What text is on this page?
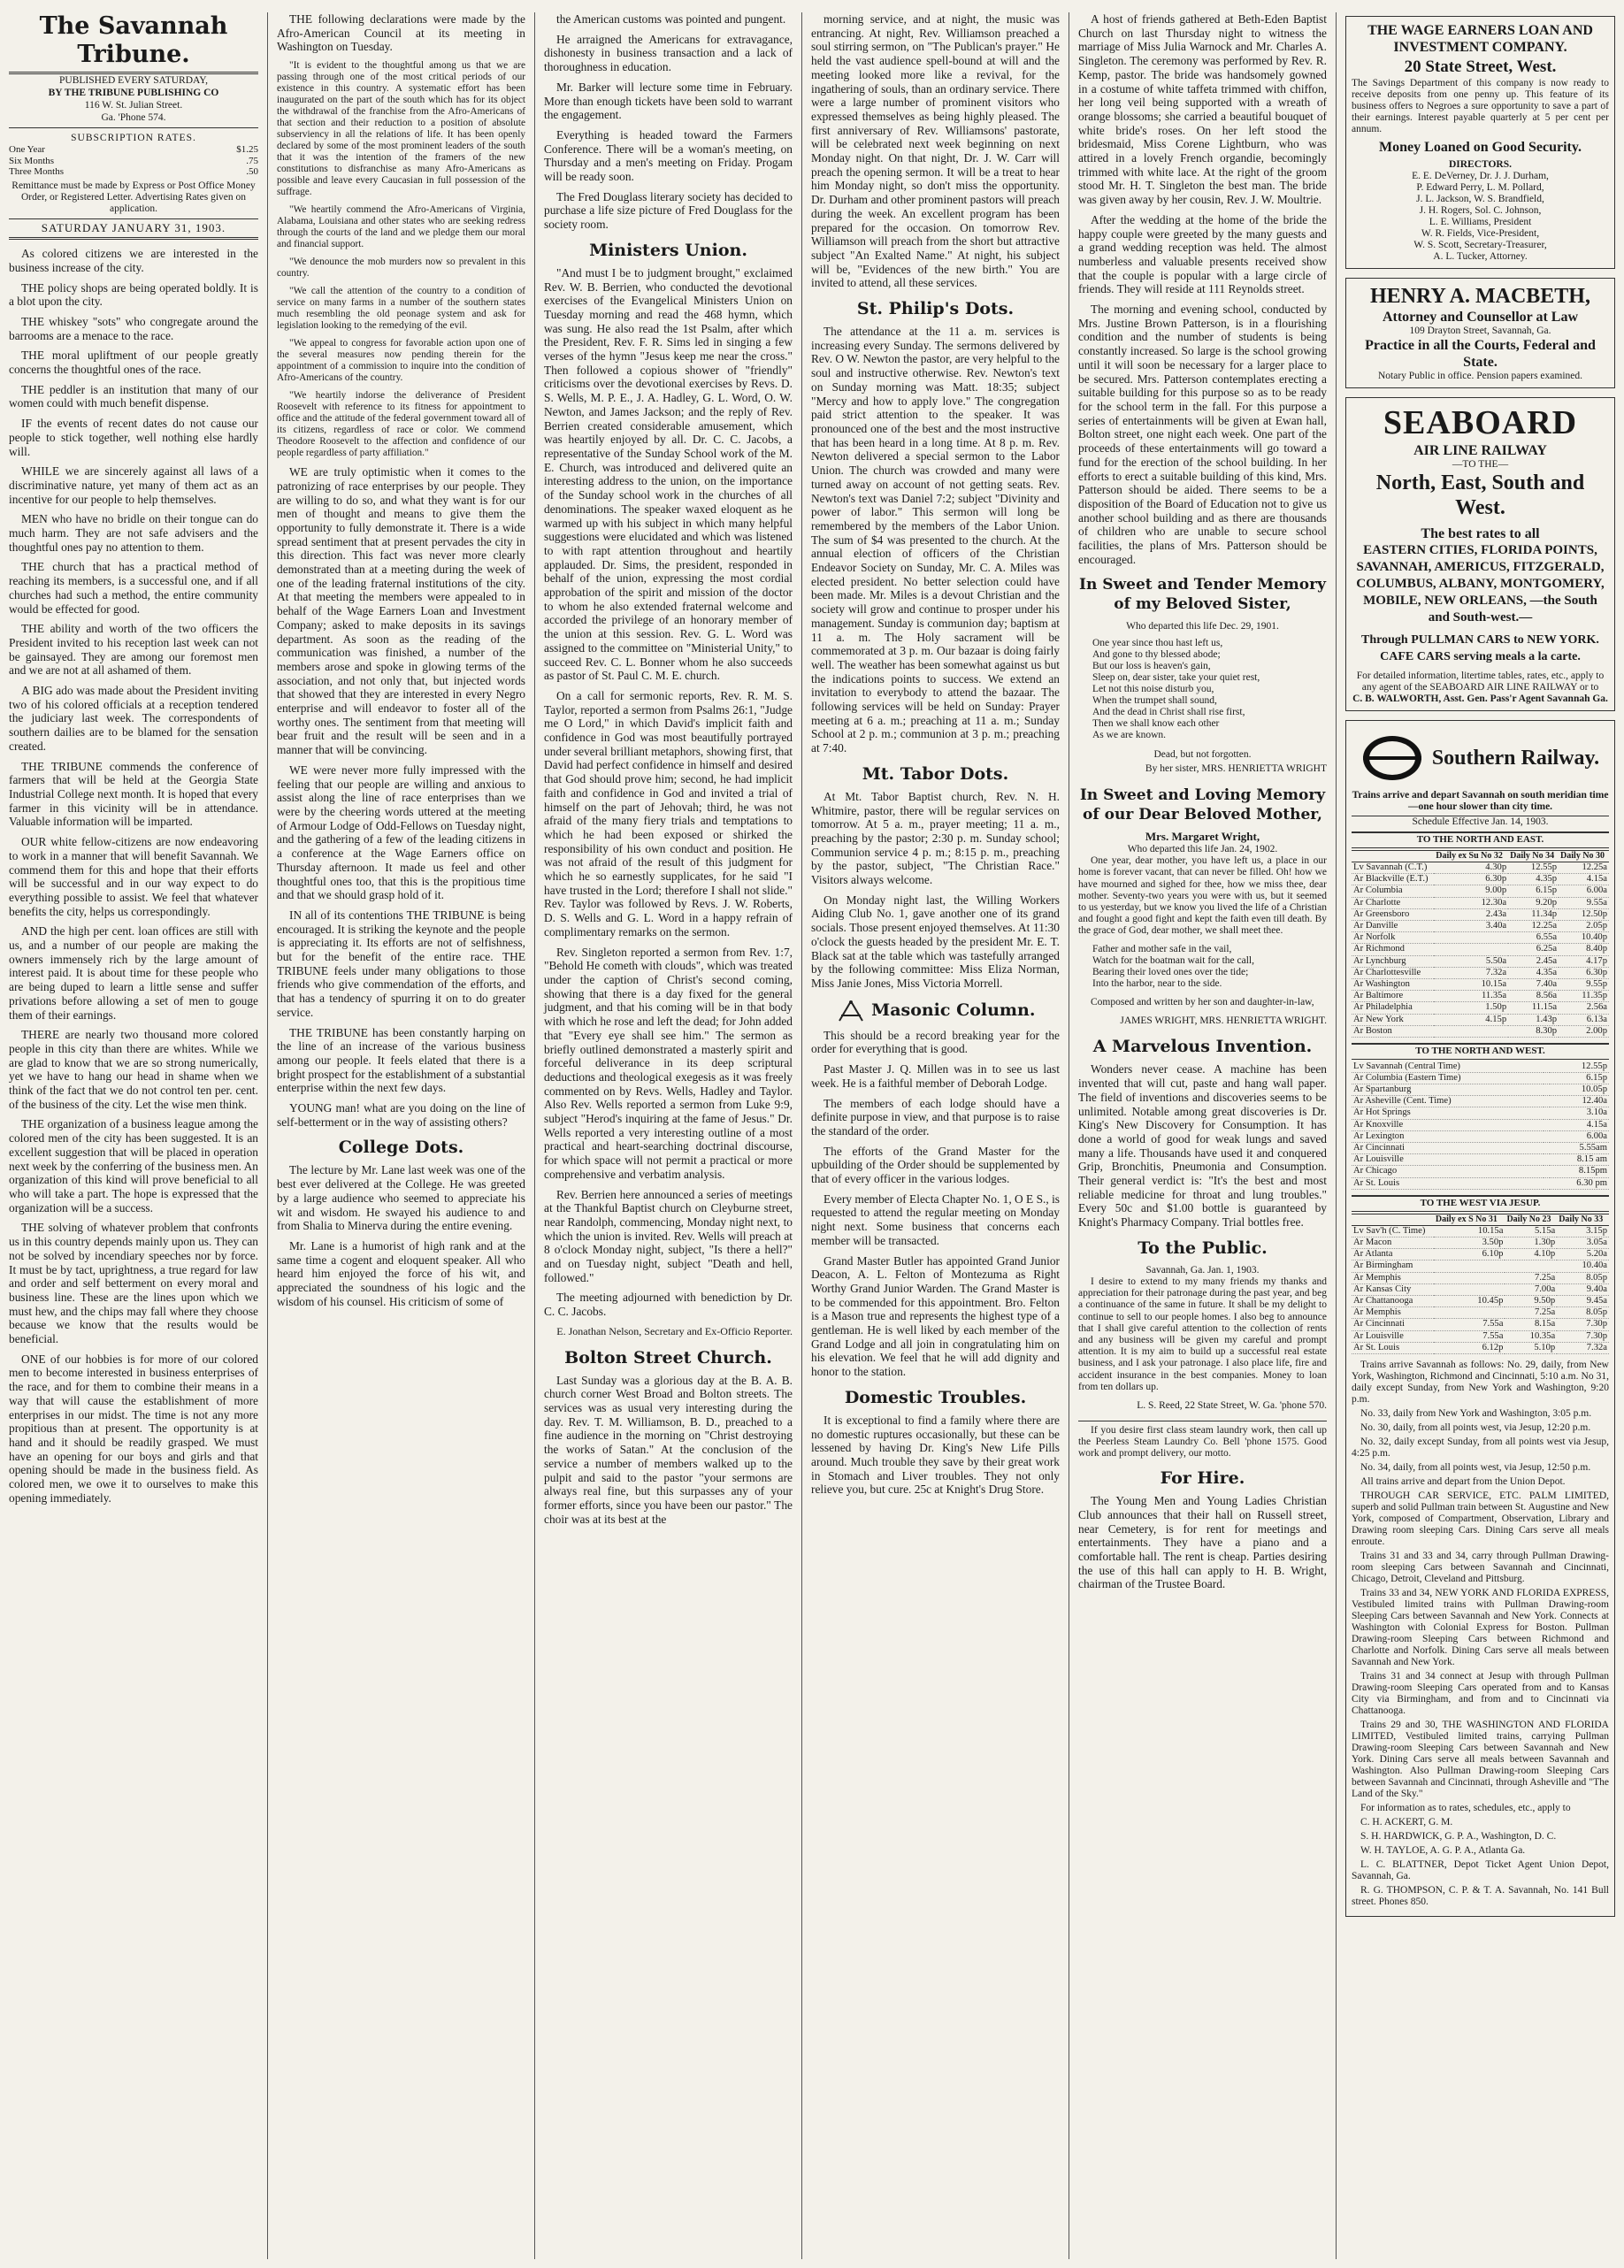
The Savannah Tribune.

PUBLISHED EVERY SATURDAY,

BY THE TRIBUNE PUBLISHING CO

116 W. St. Julian Street.

Ga. 'Phone 574.

SUBSCRIPTION RATES.

One Year	$1.25
Six Months	.75
Three Months	.50

Remittance must be made by Express or Post Office Money Order, or Registered Letter. Advertising Rates given on application.

SATURDAY JANUARY 31, 1903.

As colored citizens we are interested in the business increase of the city.

THE policy shops are being operated boldly. It is a blot upon the city.

THE whiskey "sots" who congregate around the barrooms are a menace to the race.

THE moral upliftment of our people greatly concerns the thoughtful ones of the race.

THE peddler is an institution that many of our women could with much benefit dispense.

IF the events of recent dates do not cause our people to stick together, well nothing else hardly will.

WHILE we are sincerely against all laws of a discriminative nature, yet many of them act as an incentive for our people to help themselves.

MEN who have no bridle on their tongue can do much harm. They are not safe advisers and the thoughtful ones pay no attention to them.

THE church that has a practical method of reaching its members, is a successful one, and if all churches had such a method, the entire community would be effected for good.

THE ability and worth of the two officers the President invited to his reception last week can not be gainsayed. They are among our foremost men and we are not at all ashamed of them.

A BIG ado was made about the President inviting two of his colored officials at a reception tendered the judiciary last week. The correspondents of southern dailies are to be blamed for the sensation created.

THE TRIBUNE commends the conference of farmers that will be held at the Georgia State Industrial College next month. It is hoped that every farmer in this vicinity will be in attendance. Valuable information will be imparted.

OUR white fellow-citizens are now endeavoring to work in a manner that will benefit Savannah. We commend them for this and hope that their efforts will be successful and in our way expect to do everything possible to assist. We feel that whatever benefits the city, helps us correspondingly.

AND the high per cent. loan offices are still with us, and a number of our people are making the owners immensely rich by the large amount of interest paid. It is about time for these people who are being duped to learn a little sense and suffer privations before allowing a set of men to gouge them of their earnings.

THERE are nearly two thousand more colored people in this city than there are whites. While we are glad to know that we are so strong numerically, yet we have to hang our head in shame when we think of the fact that we do not control ten per. cent. of the business of the city. Let the wise men think.

THE organization of a business league among the colored men of the city has been suggested. It is an excellent suggestion that will be placed in operation next week by the conferring of the business men. An organization of this kind will prove beneficial to all who will take a part. The hope is expressed that the organization will be a success.

THE solving of whatever problem that confronts us in this country depends mainly upon us. They can not be solved by incendiary speeches nor by force. It must be by tact, uprightness, a true regard for law and order and self betterment on every moral and business line. These are the lines upon which we must hew, and the chips may fall where they choose because we know that the results would be beneficial.

ONE of our hobbies is for more of our colored men to become interested in business enterprises of the race, and for them to combine their means in a way that will cause the establishment of more enterprises in our midst. The time is not any more propitious than at present. The opportunity is at hand and it should be readily grasped. We must have an opening for our boys and girls and that opening should be made in the business field. As colored men, we owe it to ourselves to make this opening immediately.

THE following declarations were made by the Afro-American Council at its meeting in Washington on Tuesday.

"It is evident to the thoughtful among us that we are passing through one of the most critical periods of our existence in this country. A systematic effort has been inaugurated on the part of the south which has for its object the withdrawal of the franchise from the Afro-Americans of that section and their reduction to a position of absolute subserviency in all the relations of life. It has been openly declared by some of the most prominent leaders of the south that it was the intention of the framers of the new constitutions to disfranchise as many Afro-Americans as possible and leave every Caucasian in full possession of the suffrage.

"We heartily commend the Afro-Americans of Virginia, Alabama, Louisiana and other states who are seeking redress through the courts of the land and we pledge them our moral and financial support.

"We denounce the mob murders now so prevalent in this country.

"We call the attention of the country to a condition of service on many farms in a number of the southern states much resembling the old peonage system and ask for legislation looking to the remedying of the evil.

"We appeal to congress for favorable action upon one of the several measures now pending therein for the appointment of a commission to inquire into the condition of Afro-Americans of the country.

"We heartily indorse the deliverance of President Roosevelt with reference to its fitness for appointment to office and the attitude of the federal government toward all of its citizens, regardless of race or color. We commend Theodore Roosevelt to the affection and confidence of our people regardless of party affiliation."

WE are truly optimistic when it comes to the patronizing of race enterprises by our people. They are willing to do so, and what they want is for our men of thought and means to give them the opportunity to fully demonstrate it. There is a wide spread sentiment that at present pervades the city in this direction. This fact was never more clearly demonstrated than at a meeting during the week of one of the leading fraternal institutions of the city. At that meeting the members were appealed to in behalf of the Wage Earners Loan and Investment Company; asked to make deposits in its savings department. As soon as the reading of the communication was finished, a number of the members arose and spoke in glowing terms of the association, and not only that, but injected words that showed that they are interested in every Negro enterprise and will endeavor to foster all of the worthy ones. The sentiment from that meeting will bear fruit and the result will be seen and in a manner that will be convincing.

WE were never more fully impressed with the feeling that our people are willing and anxious to assist along the line of race enterprises than we were by the cheering words uttered at the meeting of Armour Lodge of Odd-Fellows on Tuesday night, and the gathering of a few of the leading citizens in a conference at the Wage Earners office on Thursday afternoon. It made us feel and other thoughtful ones too, that this is the propitious time and that we should grasp hold of it.

IN all of its contentions THE TRIBUNE is being encouraged. It is striking the keynote and the people is appreciating it. Its efforts are not of selfishness, but for the benefit of the entire race. THE TRIBUNE feels under many obligations to those friends who give commendation of the efforts, and that has a tendency of spurring it on to do greater service.

THE TRIBUNE has been constantly harping on the line of an increase of the various business among our people. It feels elated that there is a bright prospect for the establishment of a substantial enterprise within the next few days.

YOUNG man! what are you doing on the line of self-betterment or in the way of assisting others?

College Dots.

The lecture by Mr. Lane last week was one of the best ever delivered at the College. He was greeted by a large audience who seemed to appreciate his wit and wisdom. He swayed his audience to and from Shalia to Minerva during the entire evening.

Mr. Lane is a humorist of high rank and at the same time a cogent and eloquent speaker. All who heard him enjoyed the force of his wit, and appreciated the soundness of his logic and the wisdom of his counsel. His criticism of some of

the American customs was pointed and pungent.

He arraigned the Americans for extravagance, dishonesty in business transaction and a lack of thoroughness in education.

Mr. Barker will lecture some time in February. More than enough tickets have been sold to warrant the engagement.

Everything is headed toward the Farmers Conference. There will be a woman's meeting, on Thursday and a men's meeting on Friday. Progam will be ready soon.

The Fred Douglass literary society has decided to purchase a life size picture of Fred Douglass for the society room.

Ministers Union.

"And must I be to judgment brought," exclaimed Rev. W. B. Berrien, who conducted the devotional exercises of the Evangelical Ministers Union on Tuesday morning and read the 468 hymn, which was sung. He also read the 1st Psalm, after which the President, Rev. F. R. Sims led in singing a few verses of the hymn "Jesus keep me near the cross." Then followed a copious shower of "friendly" criticisms over the devotional exercises by Revs. D. S. Wells, M. P. E., J. A. Hadley, G. L. Word, O. W. Newton, and James Jackson; and the reply of Rev. Berrien created considerable amusement, which was heartily enjoyed by all. Dr. C. C. Jacobs, a representative of the Sunday School work of the M. E. Church, was introduced and delivered quite an interesting address to the union, on the importance of the Sunday school work in the churches of all denominations. The speaker waxed eloquent as he warmed up with his subject in which many helpful suggestions were elucidated and which was listened to with rapt attention throughout and heartily applauded. Dr. Sims, the president, responded in behalf of the union, expressing the most cordial approbation of the spirit and mission of the doctor to whom he also extended fraternal welcome and accorded the privilege of an honorary member of the union at this session. Rev. G. L. Word was assigned to the committee on "Ministerial Unity," to succeed Rev. C. L. Bonner whom he also succeeds as pastor of St. Paul C. M. E. church.

On a call for sermonic reports, Rev. R. M. S. Taylor, reported a sermon from Psalms 26:1, "Judge me O Lord," in which David's implicit faith and confidence in God was most beautifully portrayed under several brilliant metaphors, showing first, that David had perfect confidence in himself and desired that God should prove him; second, he had implicit faith and confidence in God and invited a trial of himself on the part of Jehovah; third, he was not afraid of the many fiery trials and temptations to which he had been exposed or shirked the responsibility of his own conduct and position. He was not afraid of the result of this judgment for which he so earnestly supplicates, for he said "I have trusted in the Lord; therefore I shall not slide." Rev. Taylor was followed by Revs. J. W. Roberts, D. S. Wells and G. L. Word in a happy refrain of complimentary remarks on the sermon.

Rev. Singleton reported a sermon from Rev. 1:7, "Behold He cometh with clouds", which was treated under the caption of Christ's second coming, showing that there is a day fixed for the general judgment, and that his coming will be in that body with which he rose and left the dead; for John added that "Every eye shall see him." The sermon as briefly outlined demonstrated a masterly spirit and forceful deliverance in its deep scriptural deductions and theological exegesis as it was freely commented on by Revs. Wells, Hadley and Taylor. Also Rev. Wells reported a sermon from Luke 9:9, subject "Herod's inquiring at the fame of Jesus." Dr. Wells reported a very interesting outline of a most practical and heart-searching doctrinal discourse, for which space will not permit a practical or more comprehensive and verbatim analysis.

Rev. Berrien here announced a series of meetings at the Thankful Baptist church on Cleyburne street, near Randolph, commencing, Monday night next, to which the union is invited. Rev. Wells will preach at 8 o'clock Monday night, subject, "Is there a hell?" and on Tuesday night, subject "Death and hell, followed."

The meeting adjourned with benediction by Dr. C. C. Jacobs.

E. Jonathan Nelson, Secretary and Ex-Officio Reporter.

Bolton Street Church.

Last Sunday was a glorious day at the B. A. B. church corner West Broad and Bolton streets. The services was as usual very interesting during the day. Rev. T. M. Williamson, B. D., preached to a fine audience in the morning on "Christ destroying the works of Satan." At the conclusion of the service a number of members walked up to the pulpit and said to the pastor "your sermons are always real fine, but this surpasses any of your former efforts, since you have been our pastor." The choir was at its best at the

morning service, and at night, the music was entrancing. At night, Rev. Williamson preached a soul stirring sermon, on "The Publican's prayer." He held the vast audience spell-bound at will and the meeting looked more like a revival, for the ingathering of souls, than an ordinary service. There were a large number of prominent visitors who expressed themselves as being highly pleased. The first anniversary of Rev. Williamsons' pastorate, will be celebrated next week beginning on next Monday night. On that night, Dr. J. W. Carr will preach the opening sermon. It will be a treat to hear him Monday night, so don't miss the opportunity. Dr. Durham and other prominent pastors will preach during the week. An excellent program has been prepared for the occasion. On tomorrow Rev. Williamson will preach from the short but attractive subject "An Exalted Name." At night, his subject will be, "Evidences of the new birth." You are invited to attend, all these services.

St. Philip's Dots.

The attendance at the 11 a. m. services is increasing every Sunday. The sermons delivered by Rev. O W. Newton the pastor, are very helpful to the soul and instructive otherwise. Rev. Newton's text on Sunday morning was Matt. 18:35; subject "Mercy and how to apply love." The congregation paid strict attention to the speaker. It was pronounced one of the best and the most instructive that has been heard in a long time. At 8 p. m. Rev. Newton delivered a special sermon to the Labor Union. The church was crowded and many were turned away on account of not getting seats. Rev. Newton's text was Daniel 7:2; subject "Divinity and power of labor." This sermon will long be remembered by the members of the Labor Union. The sum of $4 was presented to the church. At the annual election of officers of the Christian Endeavor Society on Sunday, Mr. C. A. Miles was elected president. No better selection could have been made. Mr. Miles is a devout Christian and the society will grow and continue to prosper under his management. Sunday is communion day; baptism at 11 a. m. The Holy sacrament will be commemorated at 3 p. m. Our bazaar is doing fairly well. The weather has been somewhat against us but the indications points to success. We extend an invitation to everybody to attend the bazaar. The following services will be held on Sunday: Prayer meeting at 6 a. m.; preaching at 11 a. m.; Sunday School at 2 p. m.; communion at 3 p. m.; preaching at 7:40.

Mt. Tabor Dots.

At Mt. Tabor Baptist church, Rev. N. H. Whitmire, pastor, there will be regular services on tomorrow. At 5 a. m., prayer meeting; 11 a. m., preaching by the pastor; 2:30 p. m. Sunday school; Communion service 4 p. m.; 8:15 p. m., preaching by the pastor, subject, "The Christian Race." Visitors always welcome.

On Monday night last, the Willing Workers Aiding Club No. 1, gave another one of its grand socials. Those present enjoyed themselves. At 11:30 o'clock the guests headed by the president Mr. E. T. Black sat at the table which was tastefully arranged by the following committee: Miss Eliza Norman, Miss Janie Jones, Miss Victoria Morrell.

Masonic Column.

This should be a record breaking year for the order for everything that is good.

Past Master J. Q. Millen was in to see us last week. He is a faithful member of Deborah Lodge.

The members of each lodge should have a definite purpose in view, and that purpose is to raise the standard of the order.

The efforts of the Grand Master for the upbuilding of the Order should be supplemented by that of every officer in the various lodges.

Every member of Electa Chapter No. 1, O E S., is requested to attend the regular meeting on Monday night next. Some business that concerns each member will be transacted.

Grand Master Butler has appointed Grand Junior Deacon, A. L. Felton of Montezuma as Right Worthy Grand Junior Warden. The Grand Master is to be commended for this appointment. Bro. Felton is a Mason true and represents the highest type of a gentleman. He is well liked by each member of the Grand Lodge and all join in congratulating him on his elevation. We feel that he will add dignity and honor to the station.

Domestic Troubles.

It is exceptional to find a family where there are no domestic ruptures occasionally, but these can be lessened by having Dr. King's New Life Pills around. Much trouble they save by their great work in Stomach and Liver troubles. They not only relieve you, but cure. 25c at Knight's Drug Store.

A host of friends gathered at Beth-Eden Baptist Church on last Thursday night to witness the marriage of Miss Julia Warnock and Mr. Charles A. Singleton. The ceremony was performed by Rev. R. Kemp, pastor. The bride was handsomely gowned in a costume of white taffeta trimmed with chiffon, her long veil being supported with a wreath of orange blossoms; she carried a beautiful bouquet of white bride's roses. On her left stood the bridesmaid, Miss Corene Lightburn, who was attired in a lovely French organdie, becomingly trimmed with white lace. At the right of the groom stood Mr. H. T. Singleton the best man. The bride was given away by her cousin, Rev. J. W. Moultrie.

After the wedding at the home of the bride the happy couple were greeted by the many guests and a grand wedding reception was held. The almost numberless and valuable presents received show that the couple is popular with a large circle of friends. They will reside at 111 Reynolds street.

The morning and evening school, conducted by Mrs. Justine Brown Patterson, is in a flourishing condition and the number of students is being constantly increased. So large is the school growing until it will soon be necessary for a larger place to be secured. Mrs. Patterson contemplates erecting a suitable building for this purpose so as to be ready for the school term in the fall. For this purpose a series of entertainments will be given at Ewan hall, Bolton street, one night each week. One part of the proceeds of these entertainments will go toward a fund for the erection of the school building. In her efforts to erect a suitable building of this kind, Mrs. Patterson should be aided. There seems to be a disposition of the Board of Education not to give us another school building and as there are thousands of children who are unable to secure school facilities, the plans of Mrs. Patterson should be encouraged.

In Sweet and Tender Memory of my Beloved Sister,

Who departed this life Dec. 29, 1901.

One year since thou hast left us,
And gone to thy blessed abode;
But our loss is heaven's gain,
Sleep on, dear sister, take your quiet rest,
Let not this noise disturb you,
When the trumpet shall sound,
And the dead in Christ shall rise first,
Then we shall know each other
As we are known.

Dead, but not forgotten.

By her sister, MRS. HENRIETTA WRIGHT
In Sweet and Loving Memory of our Dear Beloved Mother,

Mrs. Margaret Wright,

Who departed this life Jan. 24, 1902.

One year, dear mother, you have left us, a place in our home is forever vacant, that can never be filled. Oh! how we have mourned and sighed for thee, how we miss thee, dear mother. Seventy-two years you were with us, but it seemed to us yesterday, but we know you lived the life of a Christian and fought a good fight and kept the faith even till death. By the grace of God, dear mother, we shall meet thee.

Father and mother safe in the vail,
Watch for the boatman wait for the call,
Bearing their loved ones over the tide;
Into the harbor, near to the side.

Composed and written by her son and daughter-in-law,

JAMES WRIGHT, MRS. HENRIETTA WRIGHT.
A Marvelous Invention.

Wonders never cease. A machine has been invented that will cut, paste and hang wall paper. The field of inventions and discoveries seems to be unlimited. Notable among great discoveries is Dr. King's New Discovery for Consumption. It has done a world of good for weak lungs and saved many a life. Thousands have used it and conquered Grip, Bronchitis, Pneumonia and Consumption. Their general verdict is: "It's the best and most reliable medicine for throat and lung troubles." Every 50c and $1.00 bottle is guaranteed by Knight's Pharmacy Company. Trial bottles free.

To the Public.

Savannah, Ga. Jan. 1, 1903.

I desire to extend to my many friends my thanks and appreciation for their patronage during the past year, and beg a continuance of the same in future. It shall be my delight to continue to sell to our people homes. I also beg to announce that I shall give careful attention to the collection of rents and any business will be given my careful and prompt attention. It is my aim to build up a successful real estate business, and I ask your patronage. I also place life, fire and accident insurance in the best companies. Money to loan from ten dollars up.

L. S. Reed, 22 State Street, W. Ga. 'phone 570.

If you desire first class steam laundry work, then call up the Peerless Steam Laundry Co. Bell 'phone 1575. Good work and prompt delivery, our motto.

For Hire.

The Young Men and Young Ladies Christian Club announces that their hall on Russell street, near Cemetery, is for rent for meetings and entertainments. They have a piano and a comfortable hall. The rent is cheap. Parties desiring the use of this hall can apply to H. B. Wright, chairman of the Trustee Board.

THE WAGE EARNERS LOAN AND INVESTMENT COMPANY.
20 State Street, West.
The Savings Department of this company is now ready to receive deposits from one penny up. This feature of its business offers to Negroes a sure opportunity to save a part of their earnings. Interest payable quarterly at 5 per cent per annum.
Money Loaned on Good Security.
DIRECTORS.
E. E. DeVerney, Dr. J. J. Durham,
P. Edward Perry, L. M. Pollard,
J. L. Jackson, W. S. Brandfield,
J. H. Rogers, Sol. C. Johnson,
L. E. Williams, President
W. R. Fields, Vice-President,
W. S. Scott, Secretary-Treasurer,
A. L. Tucker, Attorney.
HENRY A. MACBETH,
Attorney and Counsellor at Law
109 Drayton Street, Savannah, Ga.
Practice in all the Courts, Federal and State.
Notary Public in office. Pension papers examined.
SEABOARD
AIR LINE RAILWAY
—TO THE—
North, East, South and West.
The best rates to all
EASTERN CITIES, FLORIDA POINTS, SAVANNAH, AMERICUS, FITZGERALD, COLUMBUS, ALBANY, MONTGOMERY, MOBILE, NEW ORLEANS, —the South and South-west.—
Through PULLMAN CARS to NEW YORK. CAFE CARS serving meals a la carte.
For detailed information, litertime tables, rates, etc., apply to any agent of the SEABOARD AIR LINE RAILWAY or to
C. B. WALWORTH, Asst. Gen. Pass'r Agent Savannah Ga.
Southern Railway.
Trains arrive and depart Savannah on south meridian time—one hour slower than city time.
Schedule Effective Jan. 14, 1903.
TO THE NORTH AND EAST.
	Daily ex Su No 32	Daily No 34	Daily No 30
Lv Savannah (C.T.)	4.30p	12.55p	12.25a
Ar Blackville (E.T.)	6.30p	4.35p	4.15a
Ar Columbia	9.00p	6.15p	6.00a
Ar Charlotte	12.30a	9.20p	9.55a
Ar Greensboro	2.43a	11.34p	12.50p
Ar Danville	3.40a	12.25a	2.05p
Ar Norfolk		6.55a	10.40p
Ar Richmond		6.25a	8.40p
Ar Lynchburg	5.50a	2.45a	4.17p
Ar Charlottesville	7.32a	4.35a	6.30p
Ar Washington	10.15a	7.40a	9.55p
Ar Baltimore	11.35a	8.56a	11.35p
Ar Philadelphia	1.50p	11.15a	2.56a
Ar New York	4.15p	1.43p	6.13a
Ar Boston		8.30p	2.00p
TO THE NORTH AND WEST.
Lv Savannah (Central Time)		12.55p
Ar Columbia (Eastern Time)		6.15p
Ar Spartanburg		10.05p
Ar Asheville (Cent. Time)		12.40a
Ar Hot Springs		3.10a
Ar Knoxville		4.15a
Ar Lexington		6.00a
Ar Cincinnati		5.55am
Ar Louisville		8.15 am
Ar Chicago		8.15pm
Ar St. Louis		6.30 pm
TO THE WEST VIA JESUP.
	Daily ex S No 31	Daily No 23	Daily No 33
Lv Sav'h (C. Time)	10.15a	5.15a	3.15p
Ar Macon	3.50p	1.30p	3.05a
Ar Atlanta	6.10p	4.10p	5.20a
Ar Birmingham			10.40a
Ar Memphis		7.25a	8.05p
Ar Kansas City		7.00a	9.40a
Ar Chattanooga	10.45p	9.50p	9.45a
Ar Memphis		7.25a	8.05p
Ar Cincinnati	7.55a	8.15a	7.30p
Ar Louisville	7.55a	10.35a	7.30p
Ar St. Louis	6.12p	5.10p	7.32a

Trains arrive Savannah as follows: No. 29, daily, from New York, Washington, Richmond and Cincinnati, 5:10 a.m. No 31, daily except Sunday, from New York and Washington, 9:20 p.m.

No. 33, daily from New York and Washington, 3:05 p.m.

No. 30, daily, from all points west, via Jesup, 12:20 p.m.

No. 32, daily except Sunday, from all points west via Jesup, 4:25 p.m.

No. 34, daily, from all points west, via Jesup, 12:50 p.m.

All trains arrive and depart from the Union Depot.

THROUGH CAR SERVICE, ETC. PALM LIMITED, superb and solid Pullman train between St. Augustine and New York, composed of Compartment, Observation, Library and Drawing room sleeping Cars. Dining Cars serve all meals enroute.

Trains 31 and 33 and 34, carry through Pullman Drawing-room sleeping Cars between Savannah and Cincinnati, Chicago, Detroit, Cleveland and Pittsburg.

Trains 33 and 34, NEW YORK AND FLORIDA EXPRESS, Vestibuled limited trains with Pullman Drawing-room Sleeping Cars between Savannah and New York. Connects at Washington with Colonial Express for Boston. Pullman Drawing-room Sleeping Cars between Richmond and Charlotte and Norfolk. Dining Cars serve all meals between Savannah and New York.

Trains 31 and 34 connect at Jesup with through Pullman Drawing-room Sleeping Cars operated from and to Kansas City via Birmingham, and from and to Cincinnati via Chattanooga.

Trains 29 and 30, THE WASHINGTON AND FLORIDA LIMITED, Vestibuled limited trains, carrying Pullman Drawing-room Sleeping Cars between Savannah and New York. Dining Cars serve all meals between Savannah and Washington. Also Pullman Drawing-room Sleeping Cars between Savannah and Cincinnati, through Asheville and "The Land of the Sky."

For information as to rates, schedules, etc., apply to

C. H. ACKERT, G. M.

S. H. HARDWICK, G. P. A., Washington, D. C.

W. H. TAYLOE, A. G. P. A., Atlanta Ga.

L. C. BLATTNER, Depot Ticket Agent Union Depot, Savannah, Ga.

R. G. THOMPSON, C. P. & T. A. Savannah, No. 141 Bull street. Phones 850.
